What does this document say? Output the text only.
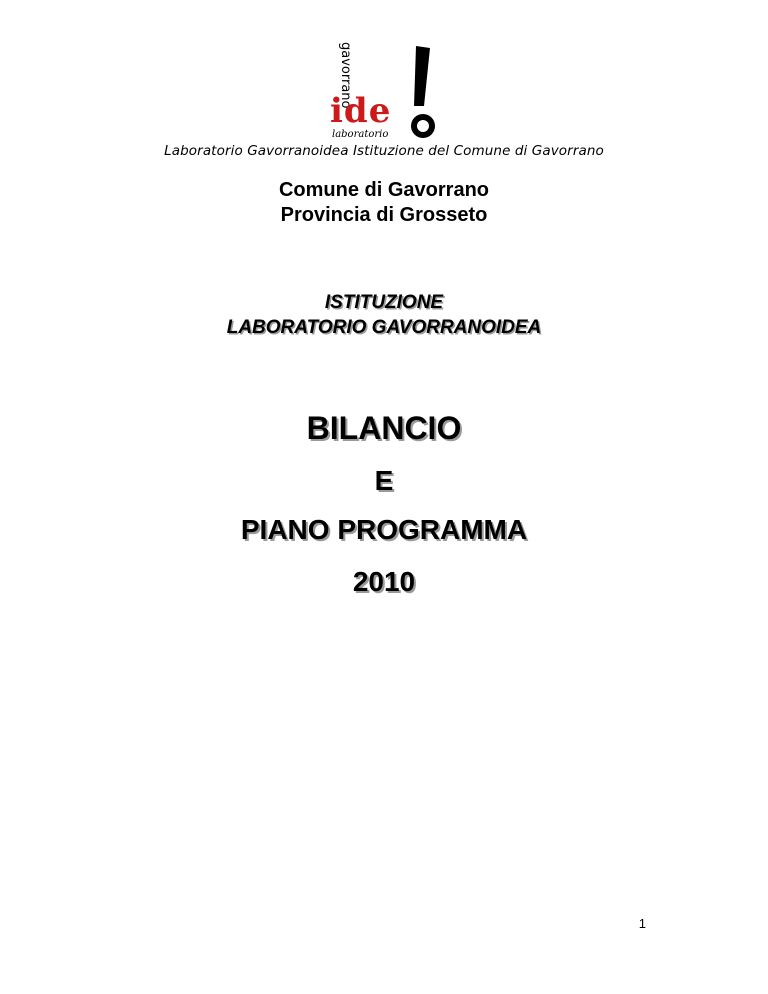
gavorrano
ide
laboratorio
Laboratorio Gavorranoidea Istituzione del Comune di Gavorrano
Comune di Gavorrano
Provincia di Grosseto
ISTITUZIONE
LABORATORIO GAVORRANOIDEA
BILANCIO
E
PIANO PROGRAMMA
2010
1
